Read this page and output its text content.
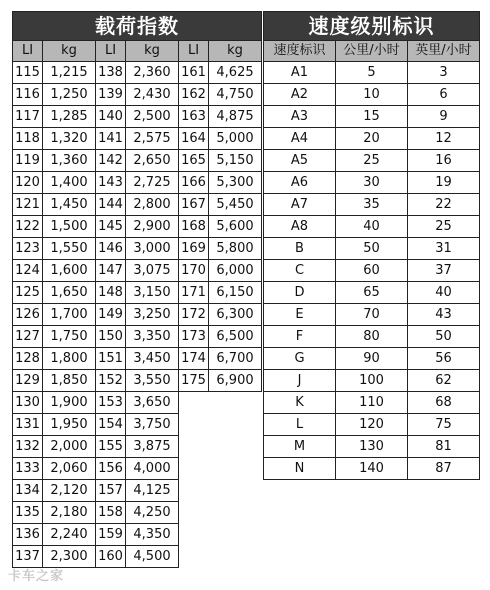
载荷指数					
LI	kg	LI	kg	LI	kg
115	1,215	138	2,360	161	4,625
116	1,250	139	2,430	162	4,750
117	1,285	140	2,500	163	4,875
118	1,320	141	2,575	164	5,000
119	1,360	142	2,650	165	5,150
120	1,400	143	2,725	166	5,300
121	1,450	144	2,800	167	5,450
122	1,500	145	2,900	168	5,600
123	1,550	146	3,000	169	5,800
124	1,600	147	3,075	170	6,000
125	1,650	148	3,150	171	6,150
126	1,700	149	3,250	172	6,300
127	1,750	150	3,350	173	6,500
128	1,800	151	3,450	174	6,700
129	1,850	152	3,550	175	6,900
130	1,900	153	3,650		
131	1,950	154	3,750		
132	2,000	155	3,875		
133	2,060	156	4,000		
134	2,120	157	4,125		
135	2,180	158	4,250		
136	2,240	159	4,350		
137	2,300	160	4,500		
速度级别标识		
速度标识	公里/小时	英里/小时
A1	5	3
A2	10	6
A3	15	9
A4	20	12
A5	25	16
A6	30	19
A7	35	22
A8	40	25
B	50	31
C	60	37
D	65	40
E	70	43
F	80	50
G	90	56
J	100	62
K	110	68
L	120	75
M	130	81
N	140	87
卡车之家
